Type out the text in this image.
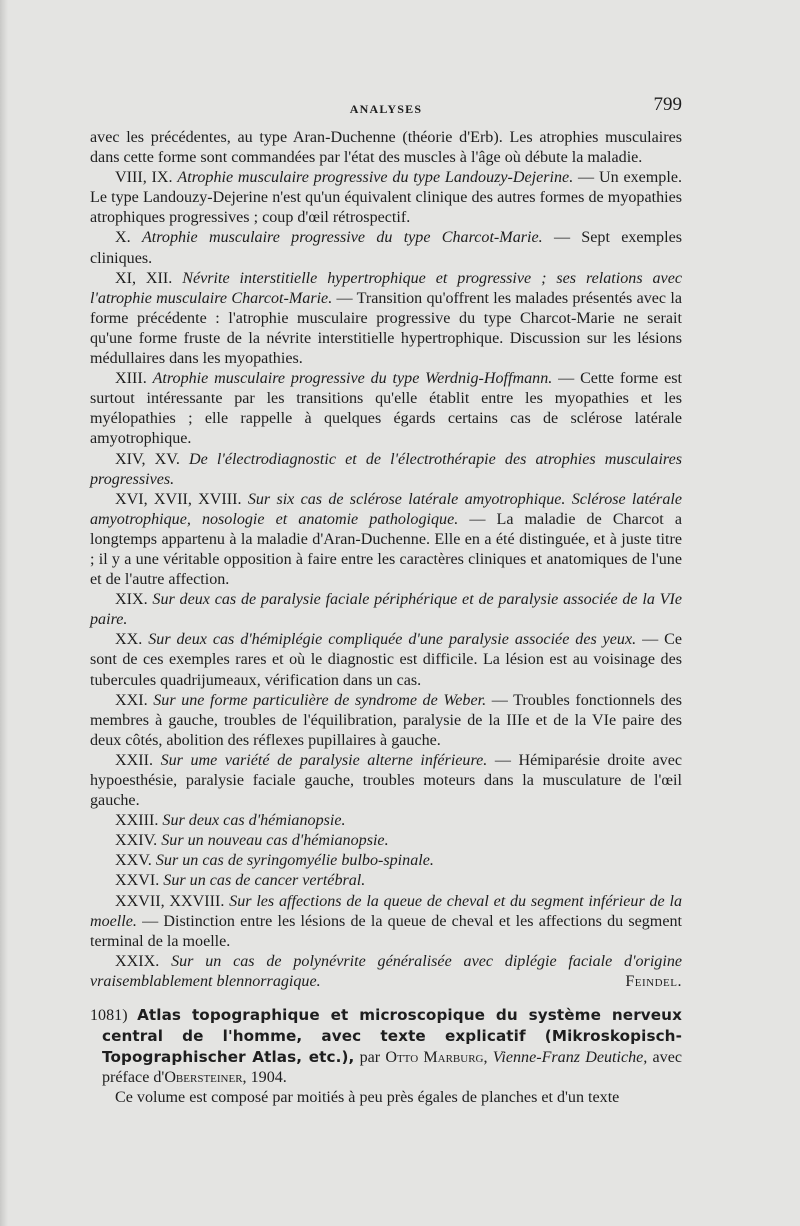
ANALYSES	799

avec les précédentes, au type Aran-Duchenne (théorie d'Erb). Les atrophies musculaires dans cette forme sont commandées par l'état des muscles à l'âge où débute la maladie.

VIII, IX. Atrophie musculaire progressive du type Landouzy-Dejerine. — Un exemple. Le type Landouzy-Dejerine n'est qu'un équivalent clinique des autres formes de myopathies atrophiques progressives ; coup d'œil rétrospectif.

X. Atrophie musculaire progressive du type Charcot-Marie. — Sept exemples cliniques.

XI, XII. Névrite interstitielle hypertrophique et progressive ; ses relations avec l'atrophie musculaire Charcot-Marie. — Transition qu'offrent les malades présentés avec la forme précédente : l'atrophie musculaire progressive du type Charcot-Marie ne serait qu'une forme fruste de la névrite interstitielle hypertrophique. Discussion sur les lésions médullaires dans les myopathies.

XIII. Atrophie musculaire progressive du type Werdnig-Hoffmann. — Cette forme est surtout intéressante par les transitions qu'elle établit entre les myopathies et les myélopathies ; elle rappelle à quelques égards certains cas de sclérose latérale amyotrophique.

XIV, XV. De l'électrodiagnostic et de l'électrothérapie des atrophies musculaires progressives.

XVI, XVII, XVIII. Sur six cas de sclérose latérale amyotrophique. Sclérose latérale amyotrophique, nosologie et anatomie pathologique. — La maladie de Charcot a longtemps appartenu à la maladie d'Aran-Duchenne. Elle en a été distinguée, et à juste titre ; il y a une véritable opposition à faire entre les caractères cliniques et anatomiques de l'une et de l'autre affection.

XIX. Sur deux cas de paralysie faciale périphérique et de paralysie associée de la VIe paire.

XX. Sur deux cas d'hémiplégie compliquée d'une paralysie associée des yeux. — Ce sont de ces exemples rares et où le diagnostic est difficile. La lésion est au voisinage des tubercules quadrijumeaux, vérification dans un cas.

XXI. Sur une forme particulière de syndrome de Weber. — Troubles fonctionnels des membres à gauche, troubles de l'équilibration, paralysie de la IIIe et de la VIe paire des deux côtés, abolition des réflexes pupillaires à gauche.

XXII. Sur ume variété de paralysie alterne inférieure. — Hémiparésie droite avec hypoesthésie, paralysie faciale gauche, troubles moteurs dans la musculature de l'œil gauche.

XXIII. Sur deux cas d'hémianopsie.

XXIV. Sur un nouveau cas d'hémianopsie.

XXV. Sur un cas de syringomyélie bulbo-spinale.

XXVI. Sur un cas de cancer vertébral.

XXVII, XXVIII. Sur les affections de la queue de cheval et du segment inférieur de la moelle. — Distinction entre les lésions de la queue de cheval et les affections du segment terminal de la moelle.

XXIX. Sur un cas de polynévrite généralisée avec diplégie faciale d'origine vraisemblablement blennorragique.	Feindel.

1081) Atlas topographique et microscopique du système nerveux central de l'homme, avec texte explicatif (Mikroskopisch-Topographischer Atlas, etc.), par Otto Marburg, Vienne-Franz Deutiche, avec préface d'Obersteiner, 1904.

Ce volume est composé par moitiés à peu près égales de planches et d'un texte
